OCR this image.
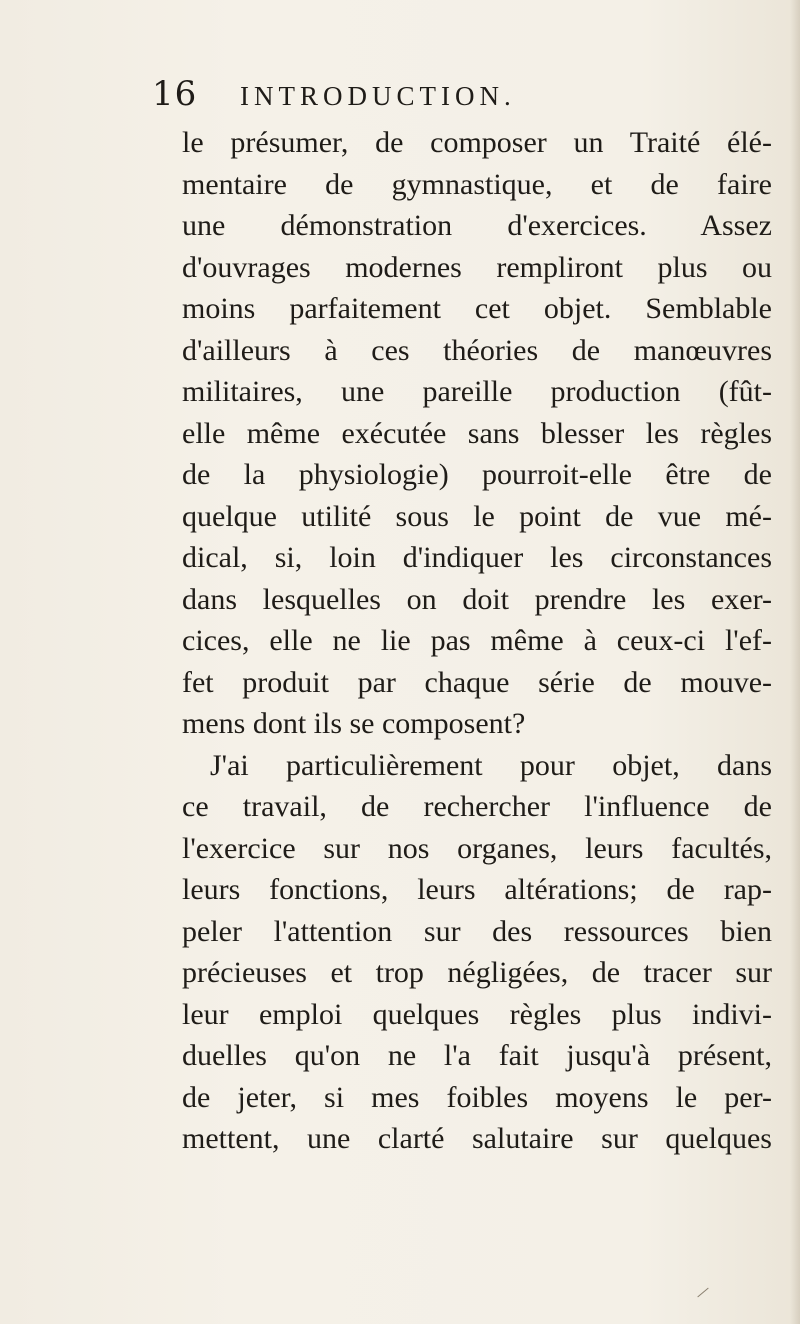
16 INTRODUCTION.
le présumer, de composer un Traité élé-
mentaire de gymnastique, et de faire
une démonstration d'exercices. Assez
d'ouvrages modernes rempliront plus ou
moins parfaitement cet objet. Semblable
d'ailleurs à ces théories de manœuvres
militaires, une pareille production (fût-
elle même exécutée sans blesser les règles
de la physiologie) pourroit-elle être de
quelque utilité sous le point de vue mé-
dical, si, loin d'indiquer les circonstances
dans lesquelles on doit prendre les exer-
cices, elle ne lie pas même à ceux-ci l'ef-
fet produit par chaque série de mouve-
mens dont ils se composent?
J'ai particulièrement pour objet, dans
ce travail, de rechercher l'influence de
l'exercice sur nos organes, leurs facultés,
leurs fonctions, leurs altérations; de rap-
peler l'attention sur des ressources bien
précieuses et trop négligées, de tracer sur
leur emploi quelques règles plus indivi-
duelles qu'on ne l'a fait jusqu'à présent,
de jeter, si mes foibles moyens le per-
mettent, une clarté salutaire sur quelques
